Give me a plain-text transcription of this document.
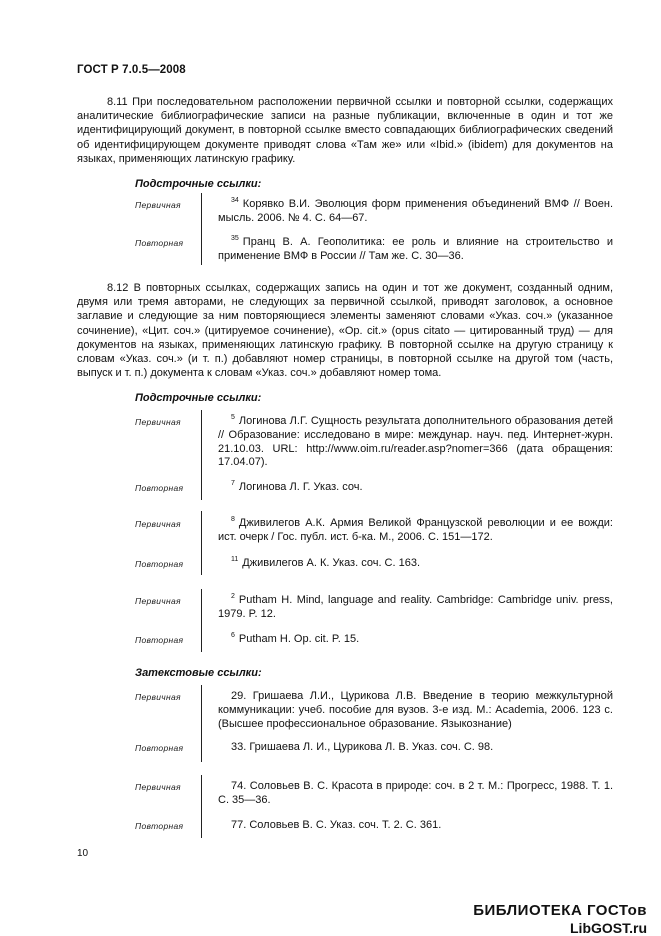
ГОСТ Р 7.0.5—2008

8.11 При последовательном расположении первичной ссылки и повторной ссылки, содержащих аналитические библиографические записи на разные публикации, включенные в один и тот же идентифицирующий документ, в повторной ссылке вместо совпадающих библиографических сведений об идентифицирующем документе приводят слова «Там же» или «Ibid.» (ibidem) для документов на языках, применяющих латинскую графику.

Подстрочные ссылки:
Первичная	$^{34}$ Корявко В.И. Эволюция форм применения объединений ВМФ // Воен. мысль. 2006. № 4. С. 64—67.
Повторная	$^{35}$ Пранц В. А. Геополитика: ее роль и влияние на строительство и применение ВМФ в России // Там же. С. 30—36.

8.12 В повторных ссылках, содержащих запись на один и тот же документ, созданный одним, двумя или тремя авторами, не следующих за первичной ссылкой, приводят заголовок, а основное заглавие и следующие за ним повторяющиеся элементы заменяют словами «Указ. соч.» (указанное сочинение), «Цит. соч.» (цитируемое сочинение), «Op. cit.» (opus citato — цитированный труд) — для документов на языках, применяющих латинскую графику. В повторной ссылке на другую страницу к словам «Указ. соч.» (и т. п.) добавляют номер страницы, в повторной ссылке на другой том (часть, выпуск и т. п.) документа к словам «Указ. соч.» добавляют номер тома.

Подстрочные ссылки:
Первичная	$^5$ Логинова Л.Г. Сущность результата дополнительного образования детей // Образование: исследовано в мире: междунар. науч. пед. Интернет-журн. 21.10.03. URL: http://www.oim.ru/reader.asp?nomer=366 (дата обращения: 17.04.07).
Повторная	$^7$ Логинова Л. Г. Указ. соч.
Первичная	$^8$ Дживилегов А.К. Армия Великой Французской революции и ее вожди: ист. очерк / Гос. публ. ист. б-ка. М., 2006. С. 151—172.
Повторная	$^{11}$ Дживилегов А. К. Указ. соч. С. 163.
Первичная	$^2$ Putham H. Mind, language and reality. Cambridge: Cambridge univ. press, 1979. P. 12.
Повторная	$^6$ Putham H. Op. cit. P. 15.
Затекстовые ссылки:
Первичная	29. Гришаева Л.И., Цурикова Л.В. Введение в теорию межкультурной коммуникации: учеб. пособие для вузов. 3-е изд. М.: Academia, 2006. 123 с. (Высшее профессиональное образование. Языкознание)
Повторная	33. Гришаева Л. И., Цурикова Л. В. Указ. соч. С. 98.
Первичная	74. Соловьев В. С. Красота в природе: соч. в 2 т. М.: Прогресс, 1988. Т. 1. С. 35—36.
Повторная	77. Соловьев В. С. Указ. соч. Т. 2. С. 361.
10
БИБЛИОТЕКА ГОСТов
LibGOST.ru
